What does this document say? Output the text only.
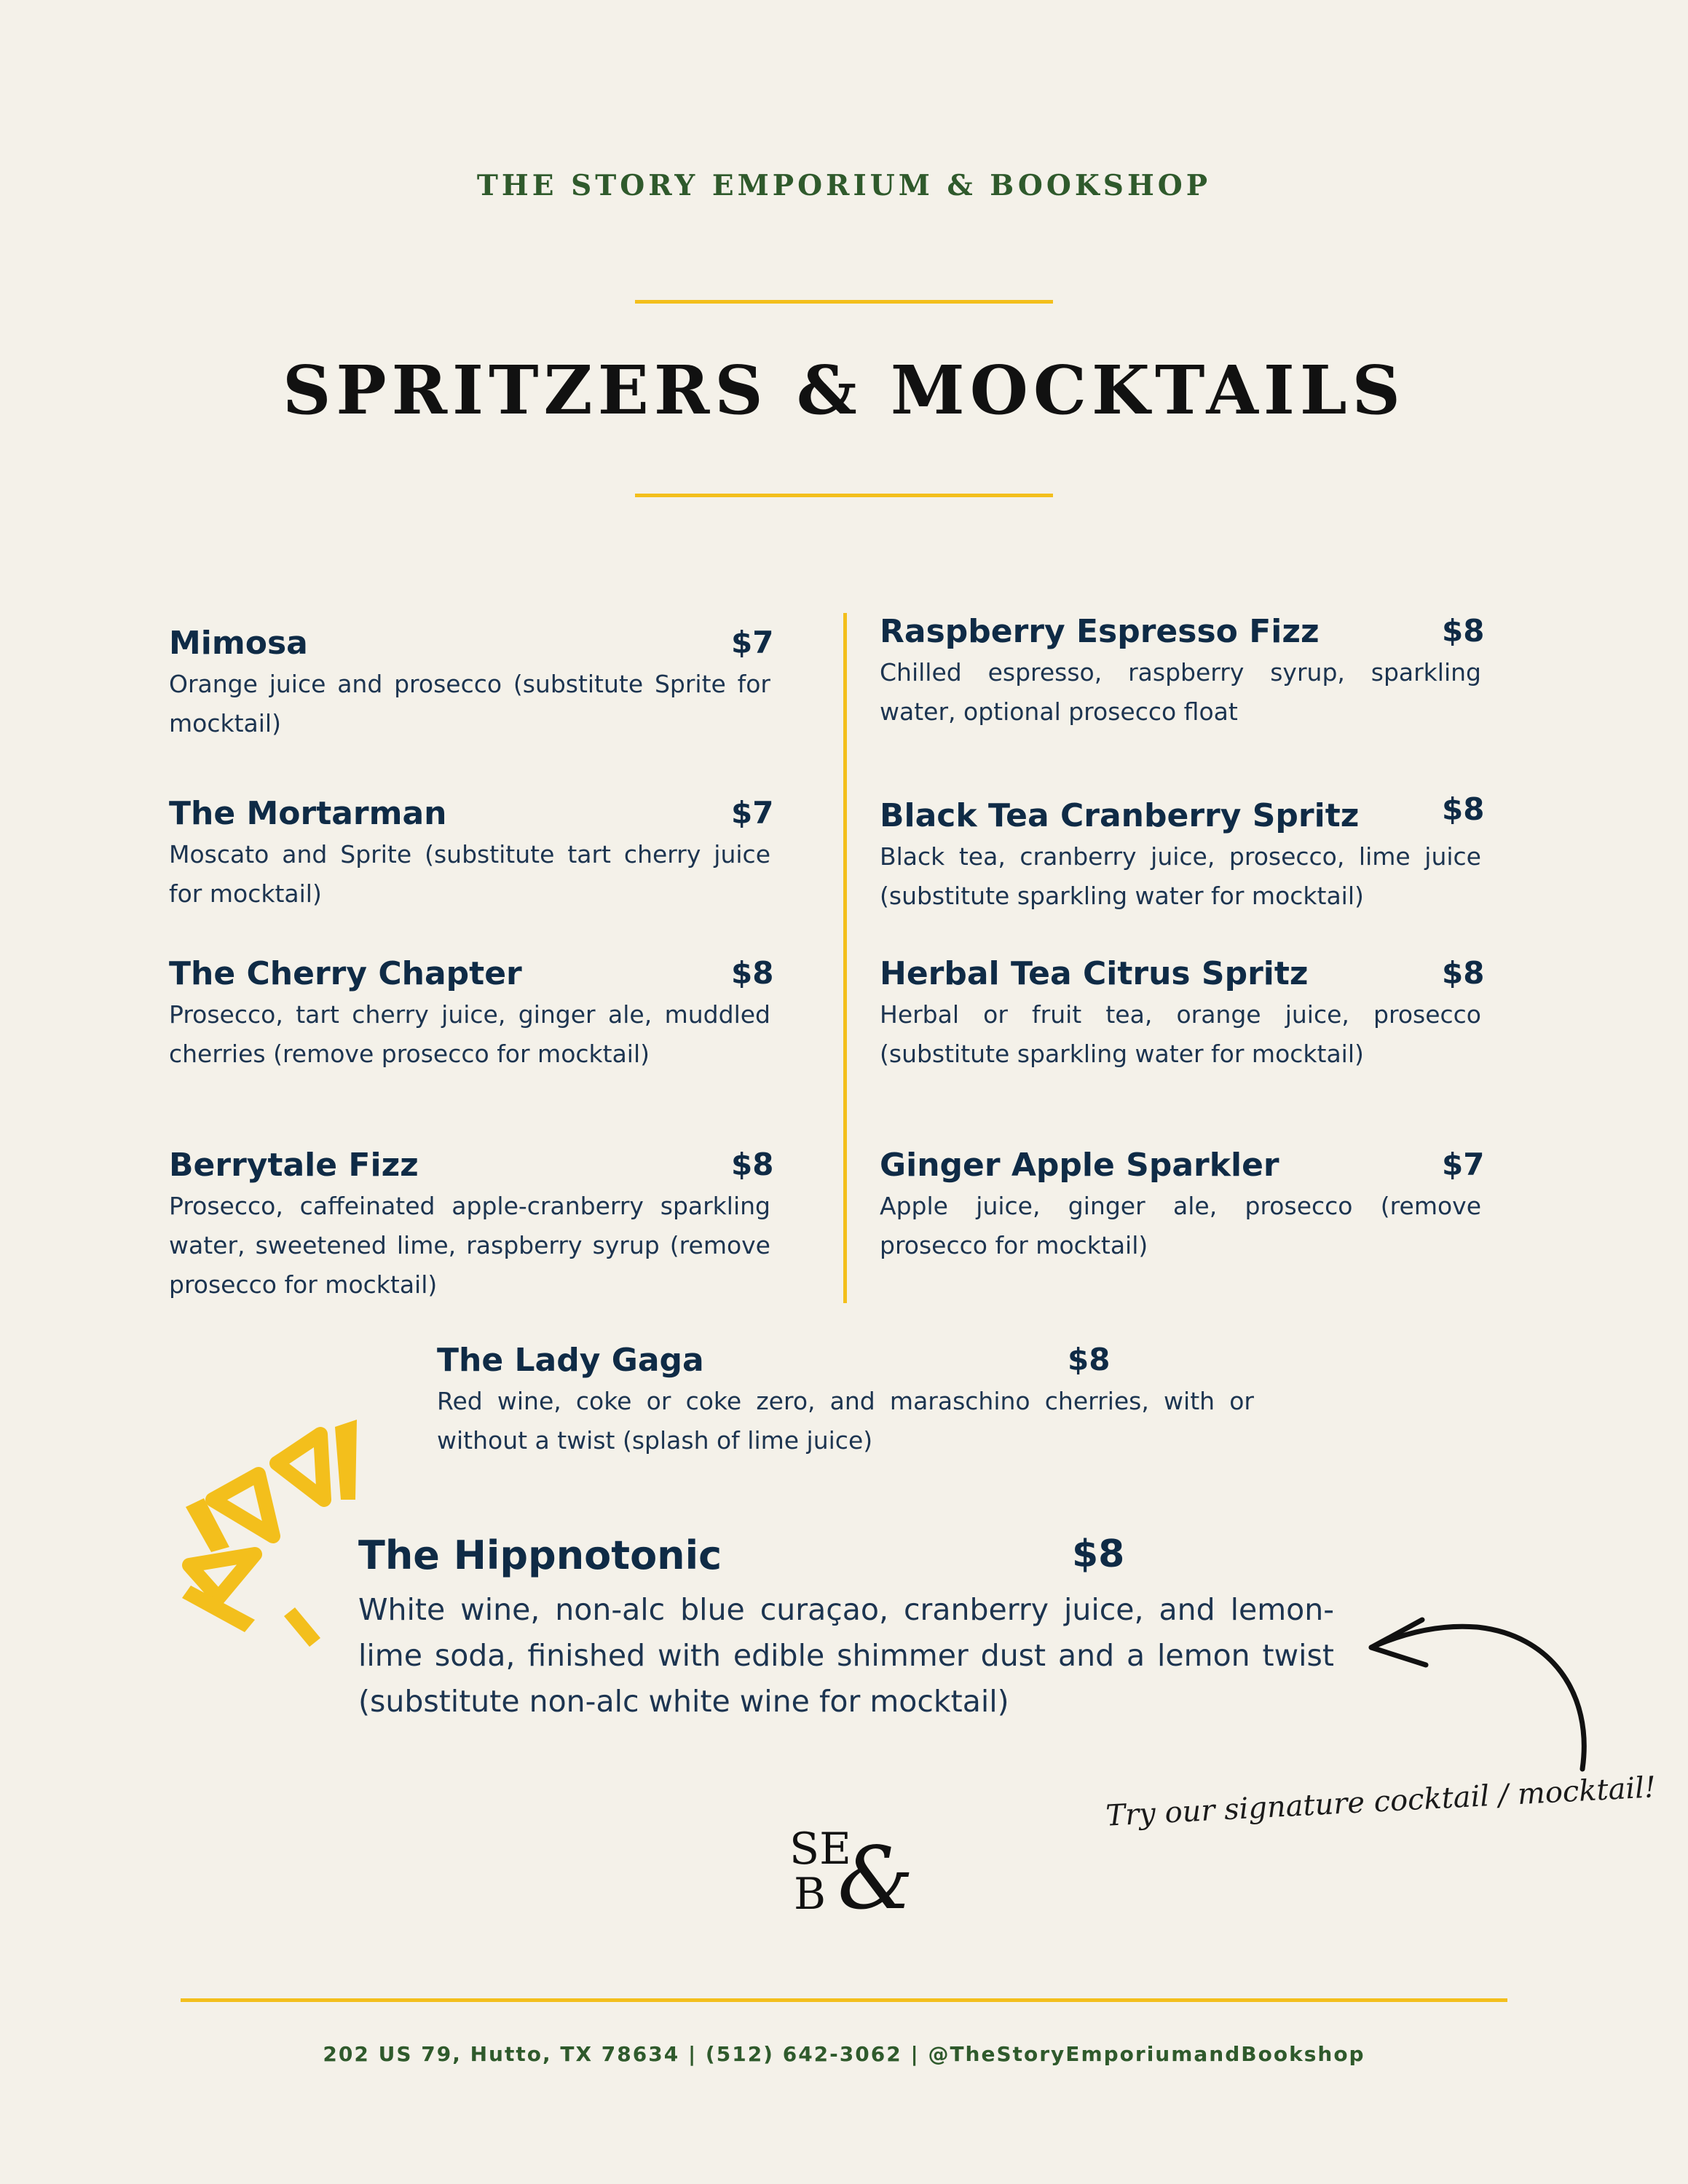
THE STORY EMPORIUM & BOOKSHOP
SPRITZERS & MOCKTAILS
Mimosa	$7
Orange juice and prosecco (substitute Sprite for mocktail)
The Mortarman	$7
Moscato and Sprite (substitute tart cherry juice for mocktail)
The Cherry Chapter	$8
Prosecco, tart cherry juice, ginger ale, muddled cherries (remove prosecco for mocktail)
Berrytale Fizz	$8
Prosecco, caffeinated apple-cranberry sparkling water, sweetened lime, raspberry syrup (remove prosecco for mocktail)
Raspberry Espresso Fizz	$8
Chilled espresso, raspberry syrup, sparkling water, optional prosecco float
Black Tea Cranberry Spritz	$8
Black tea, cranberry juice, prosecco, lime juice (substitute sparkling water for mocktail)
Herbal Tea Citrus Spritz	$8
Herbal or fruit tea, orange juice, prosecco (substitute sparkling water for mocktail)
Ginger Apple Sparkler	$7
Apple juice, ginger ale, prosecco (remove prosecco for mocktail)
The Lady Gaga	$8
Red wine, coke or coke zero, and maraschino cherries, with or without a twist (splash of lime juice)
The Hippnotonic	$8
White wine, non-alc blue curaçao, cranberry juice, and lemon-lime soda, finished with edible shimmer dust and a lemon twist (substitute non-alc white wine for mocktail)
Try our signature cocktail / mocktail!
SE
B &
202 US 79, Hutto, TX 78634 | (512) 642-3062 | @TheStoryEmporiumandBookshop
